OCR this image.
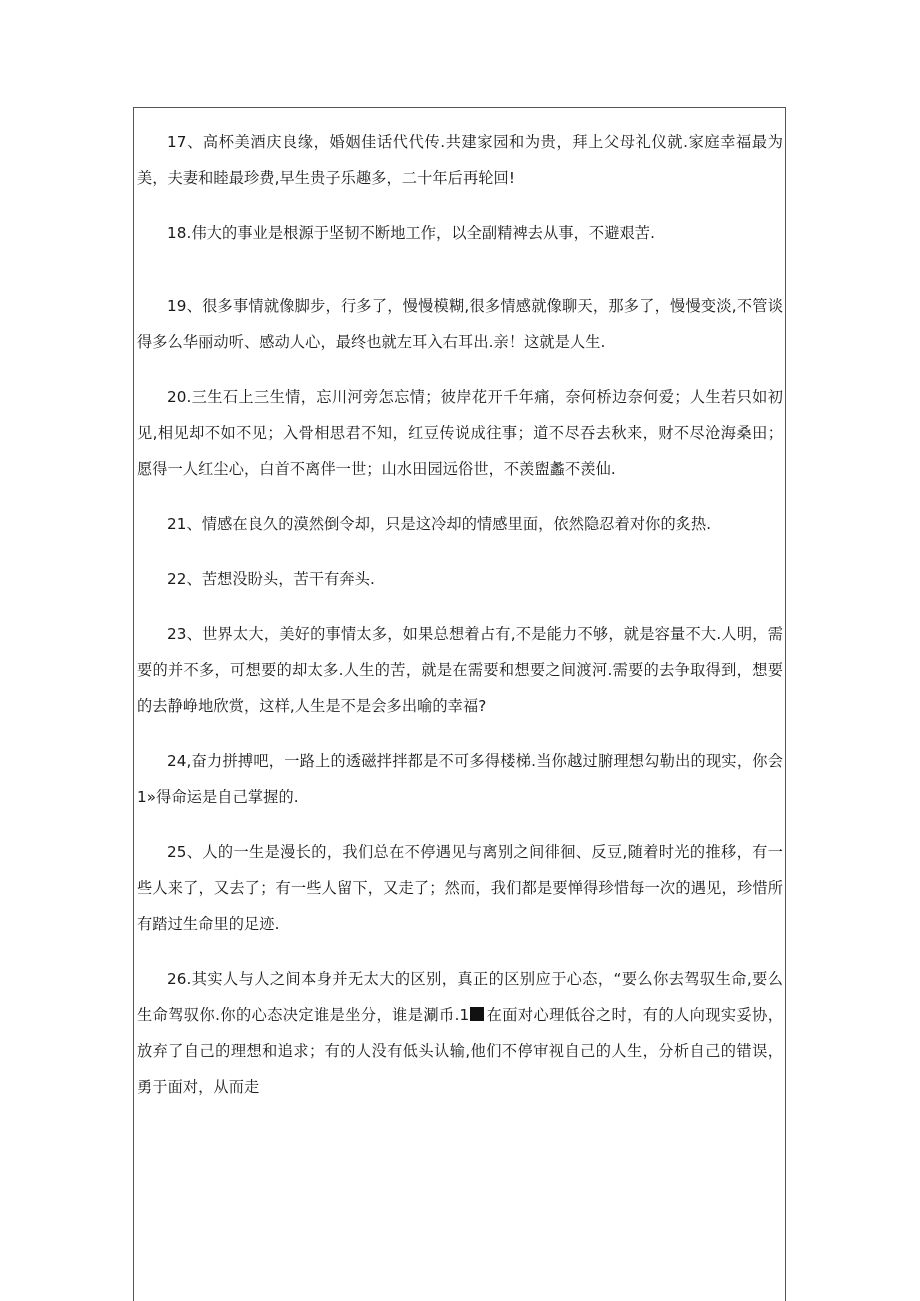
17、高杯美酒庆良缘，婚姻佳话代代传.共建家园和为贵，拜上父母礼仪就.家庭幸福最为美，夫妻和睦最珍费,早生贵子乐趣多，二十年后再轮回!

18.伟大的事业是根源于坚韧不断地工作，以全副精裨去从事，不避艰苦.

19、很多事情就像脚步，行多了，慢慢模糊,很多情感就像聊天，那多了，慢慢变淡,不管谈得多么华丽动听、感动人心，最终也就左耳入右耳出.亲！这就是人生.

20.三生石上三生情，忘川河旁怎忘情；彼岸花开千年痛，奈何桥边奈何爱；人生若只如初见,相见却不如不见；入骨相思君不知，红豆传说成往事；道不尽吞去秋来，财不尽沧海桑田；愿得一人红尘心，白首不离伴一世；山水田园远俗世，不羡盥蠡不羡仙.

21、情感在良久的漠然倒令却，只是这冷却的情感里面，依然隐忍着对你的炙热.

22、苦想没盼头，苦干有奔头.

23、世界太大，美好的事情太多，如果总想着占有,不是能力不够，就是容量不大.人明，需要的并不多，可想要的却太多.人生的苦，就是在需要和想要之间渡河.需要的去争取得到，想要的去静峥地欣赏，这样,人生是不是会多出喻的幸福?

24,奋力拼搏吧，一路上的透磁拌拌都是不可多得楼梯.当你越过腑理想勾勒出的现实，你会1»得命运是自己掌握的.

25、人的一生是漫长的，我们总在不停遇见与离别之间徘徊、反豆,随着时光的推移，有一些人来了，又去了；有一些人留下，又走了；然而，我们都是要惮得珍惜每一次的遇见，珍惜所有踏过生命里的足迹.

26.其实人与人之间本身并无太大的区别，真正的区别应于心态，“要么你去驾驭生命,要么生命驾驭你.你的心态决定谁是坐分，谁是涮币.1 在面对心理低谷之时，有的人向现实妥协，放弃了自己的理想和追求；有的人没有低头认输,他们不停审视自己的人生，分析自己的错误，勇于面对，从而走
